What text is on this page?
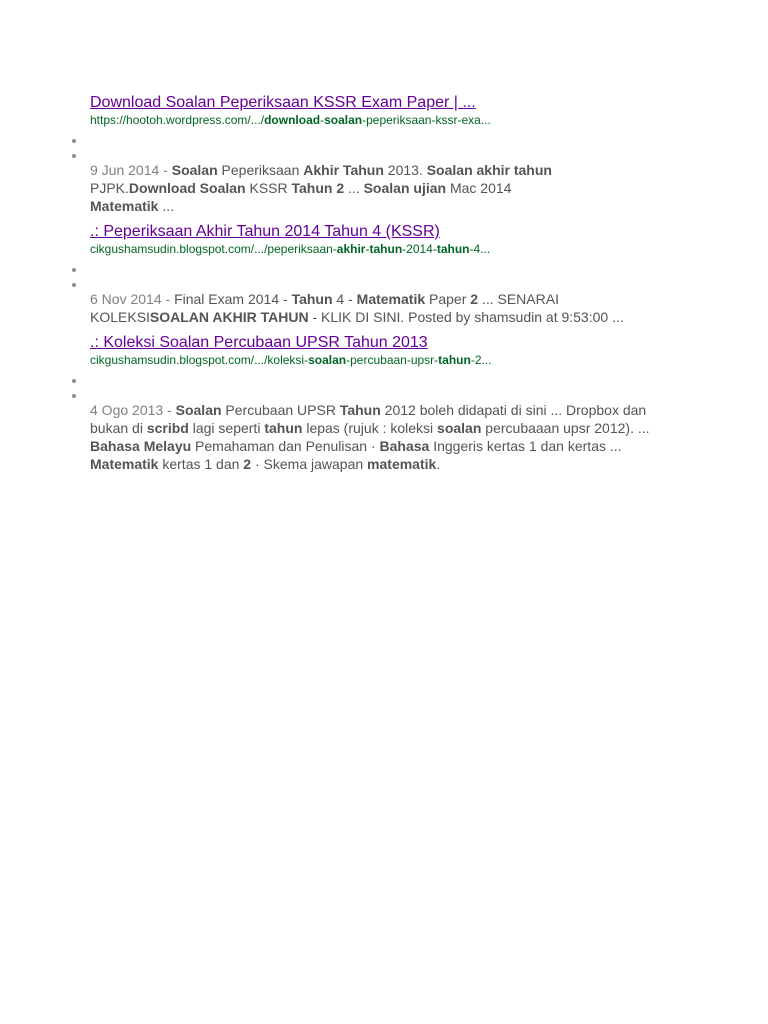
Download Soalan Peperiksaan KSSR Exam Paper | ...
https://hootoh.wordpress.com/.../download-soalan-peperiksaan-kssr-exa...

9 Jun 2014 - Soalan Peperiksaan Akhir Tahun 2013. Soalan akhir tahun PJPK.Download Soalan KSSR Tahun 2 ... Soalan ujian Mac 2014 Matematik ...

.: Peperiksaan Akhir Tahun 2014 Tahun 4 (KSSR)
cikgushamsudin.blogspot.com/.../peperiksaan-akhir-tahun-2014-tahun-4...

6 Nov 2014 - Final Exam 2014 - Tahun 4 - Matematik Paper 2 ... SENARAI KOLEKSISOALAN AKHIR TAHUN - KLIK DI SINI. Posted by shamsudin at 9:53:00 ...

.: Koleksi Soalan Percubaan UPSR Tahun 2013
cikgushamsudin.blogspot.com/.../koleksi-soalan-percubaan-upsr-tahun-2...

4 Ogo 2013 - Soalan Percubaan UPSR Tahun 2012 boleh didapati di sini ... Dropbox dan bukan di scribd lagi seperti tahun lepas (rujuk : koleksi soalan percubaaan upsr 2012). ... Bahasa Melayu Pemahaman dan Penulisan · Bahasa Inggeris kertas 1 dan kertas ... Matematik kertas 1 dan 2 · Skema jawapan matematik.
